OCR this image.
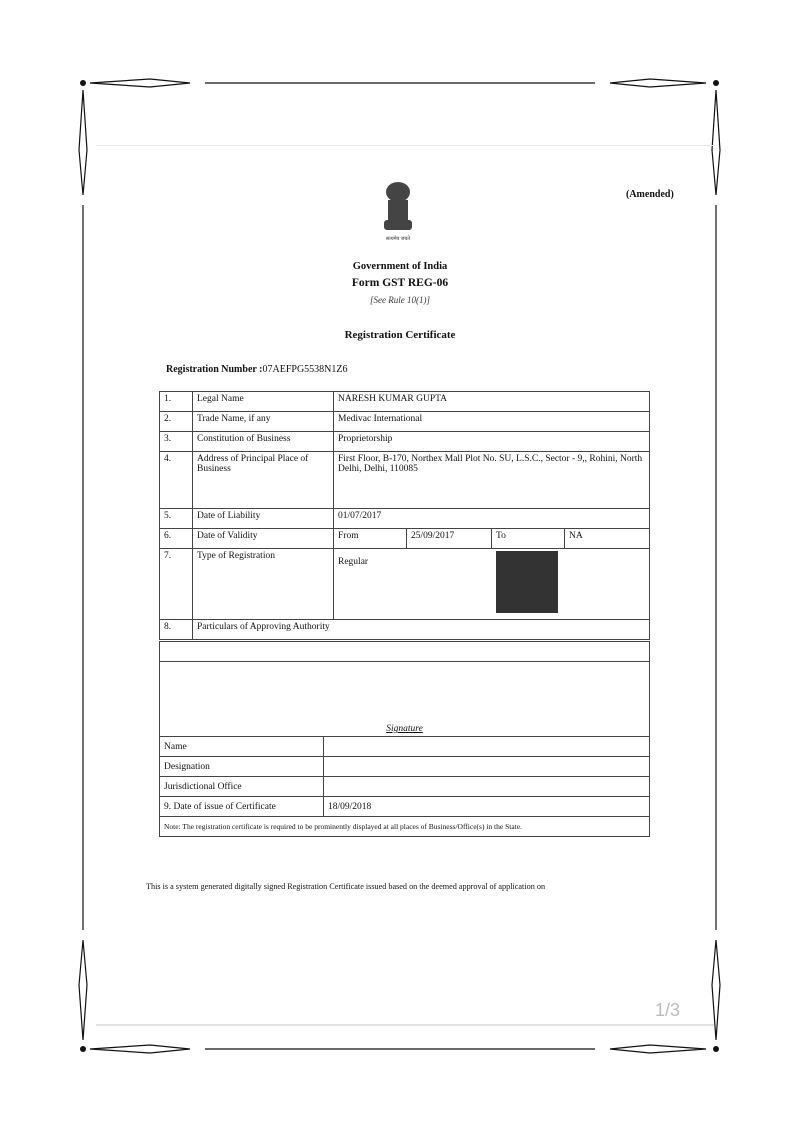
(Amended)
सत्यमेव जयते
Government of India
Form GST REG-06
[See Rule 10(1)]
Registration Certificate
Registration Number :07AEFPG5538N1Z6
1.	Legal Name	NARESH KUMAR GUPTA			
2.	Trade Name, if any	Medivac International			
3.	Constitution of Business	Proprietorship			
4.	Address of Principal Place of Business	First Floor, B-170, Northex Mall Plot No. SU, L.S.C., Sector - 9,, Rohini, North Delhi, Delhi, 110085			
5.	Date of Liability	01/07/2017			
6.	Date of Validity	From	25/09/2017	To	NA
7.	Type of Registration	Regular			
8.	Particulars of Approving Authority				

Signature	
Name	
Designation	
Jurisdictional Office	
9. Date of issue of Certificate	18/09/2018
Note: The registration certificate is required to be prominently displayed at all places of Business/Office(s) in the State.	
This is a system generated digitally signed Registration Certificate issued based on the deemed approval of application on
1/3
